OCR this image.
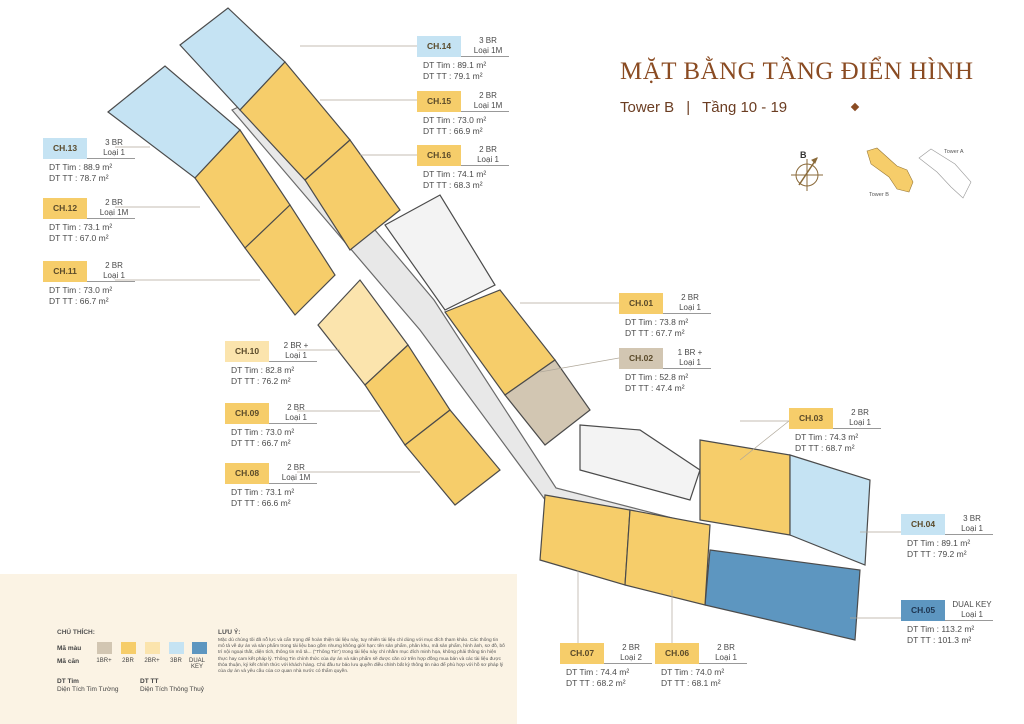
MẶT BẰNG TẦNG ĐIỂN HÌNH
Tower B | Tầng 10 - 19
B	Tower A
Tower B
CH.14
3 BR
Loại 1M
DT Tim : 89.1 m²
DT TT : 79.1 m²
CH.15
2 BR
Loại 1M
DT Tim : 73.0 m²
DT TT : 66.9 m²
CH.16
2 BR
Loại 1
DT Tim : 74.1 m²
DT TT : 68.3 m²
CH.13
3 BR
Loại 1
DT Tim : 88.9 m²
DT TT : 78.7 m²
CH.12
2 BR
Loại 1M
DT Tim : 73.1 m²
DT TT : 67.0 m²
CH.11
2 BR
Loại 1
DT Tim : 73.0 m²
DT TT : 66.7 m²
CH.10
2 BR +
Loại 1
DT Tim : 82.8 m²
DT TT : 76.2 m²
CH.09
2 BR
Loại 1
DT Tim : 73.0 m²
DT TT : 66.7 m²
CH.08
2 BR
Loại 1M
DT Tim : 73.1 m²
DT TT : 66.6 m²
CH.01
2 BR
Loại 1
DT Tim : 73.8 m²
DT TT : 67.7 m²
CH.02
1 BR +
Loại 1
DT Tim : 52.8 m²
DT TT : 47.4 m²
CH.03
2 BR
Loại 1
DT Tim : 74.3 m²
DT TT : 68.7 m²
CH.04
3 BR
Loại 1
DT Tim : 89.1 m²
DT TT : 79.2 m²
CH.05
DUAL KEY
Loại 1
DT Tim : 113.2 m²
DT TT : 101.3 m²
CH.07
2 BR
Loại 2
DT Tim : 74.4 m²
DT TT : 68.2 m²
CH.06
2 BR
Loại 1
DT Tim : 74.0 m²
DT TT : 68.1 m²
CHÚ THÍCH:
Mã màu
Mã căn	1BR+	2BR	2BR+	3BR	DUAL KEY
DT Tim
Diện Tích Tim Tường
DT TT
Diện Tích Thông Thuỷ
LƯU Ý:
Mặc dù chúng tôi đã nỗ lực và cẩn trọng để hoàn thiện tài liệu này, tuy nhiên tài liệu chỉ dùng với mục đích tham khảo. Các thông tin mô tả về dự án và sản phẩm trong tài liệu bao gồm nhưng không giới hạn: tên sản phẩm, phân khu, mã sản phẩm, hình ảnh, sơ đồ, bố trí nội ngoại thất, diện tích, thông tin mô tả... ("Thông Tin") trong tài liệu này chỉ nhằm mục đích minh họa, không phải thông tin hiện thực hay cam kết pháp lý. Thông Tin chính thức của dự án và sản phẩm sẽ được căn cứ trên hợp đồng mua bán và các tài liệu được thỏa thuận, ký kết chính thức với khách hàng. Chủ đầu tư bảo lưu quyền điều chỉnh bất kỳ thông tin nào để phù hợp với hồ sơ pháp lý của dự án và yêu cầu của cơ quan nhà nước có thẩm quyền.
